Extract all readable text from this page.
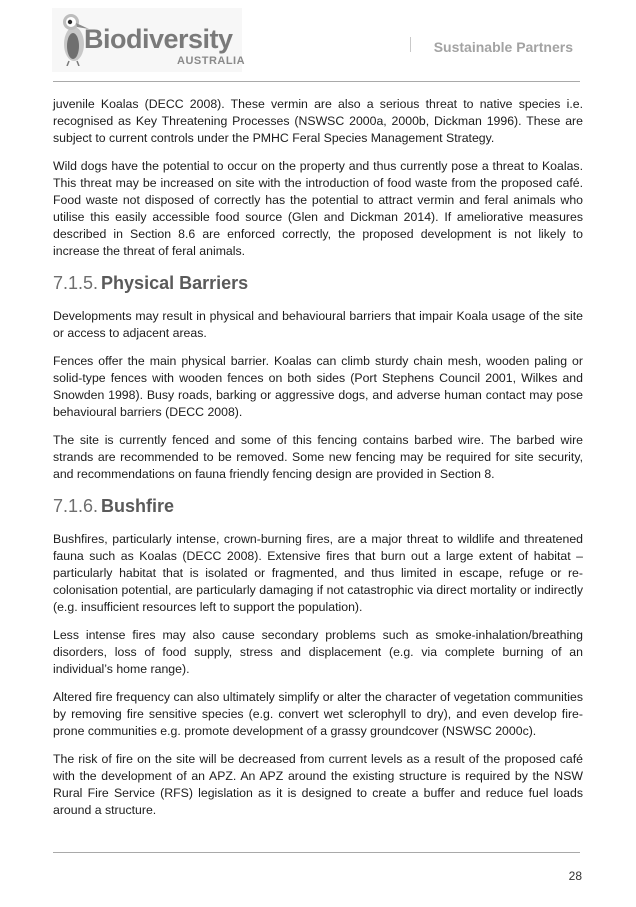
Biodiversity
AUSTRALIA
Sustainable Partners

juvenile Koalas (DECC 2008). These vermin are also a serious threat to native species i.e. recognised as Key Threatening Processes (NSWSC 2000a, 2000b, Dickman 1996). These are subject to current controls under the PMHC Feral Species Management Strategy.

Wild dogs have the potential to occur on the property and thus currently pose a threat to Koalas. This threat may be increased on site with the introduction of food waste from the proposed café. Food waste not disposed of correctly has the potential to attract vermin and feral animals who utilise this easily accessible food source (Glen and Dickman 2014). If ameliorative measures described in Section 8.6 are enforced correctly, the proposed development is not likely to increase the threat of feral animals.

7.1.5. Physical Barriers

Developments may result in physical and behavioural barriers that impair Koala usage of the site or access to adjacent areas.

Fences offer the main physical barrier. Koalas can climb sturdy chain mesh, wooden paling or solid-type fences with wooden fences on both sides (Port Stephens Council 2001, Wilkes and Snowden 1998). Busy roads, barking or aggressive dogs, and adverse human contact may pose behavioural barriers (DECC 2008).

The site is currently fenced and some of this fencing contains barbed wire. The barbed wire strands are recommended to be removed. Some new fencing may be required for site security, and recommendations on fauna friendly fencing design are provided in Section 8.

7.1.6. Bushfire

Bushfires, particularly intense, crown-burning fires, are a major threat to wildlife and threatened fauna such as Koalas (DECC 2008). Extensive fires that burn out a large extent of habitat – particularly habitat that is isolated or fragmented, and thus limited in escape, refuge or re-colonisation potential, are particularly damaging if not catastrophic via direct mortality or indirectly (e.g. insufficient resources left to support the population).

Less intense fires may also cause secondary problems such as smoke-inhalation/breathing disorders, loss of food supply, stress and displacement (e.g. via complete burning of an individual’s home range).

Altered fire frequency can also ultimately simplify or alter the character of vegetation communities by removing fire sensitive species (e.g. convert wet sclerophyll to dry), and even develop fire-prone communities e.g. promote development of a grassy groundcover (NSWSC 2000c).

The risk of fire on the site will be decreased from current levels as a result of the proposed café with the development of an APZ. An APZ around the existing structure is required by the NSW Rural Fire Service (RFS) legislation as it is designed to create a buffer and reduce fuel loads around a structure.

28
